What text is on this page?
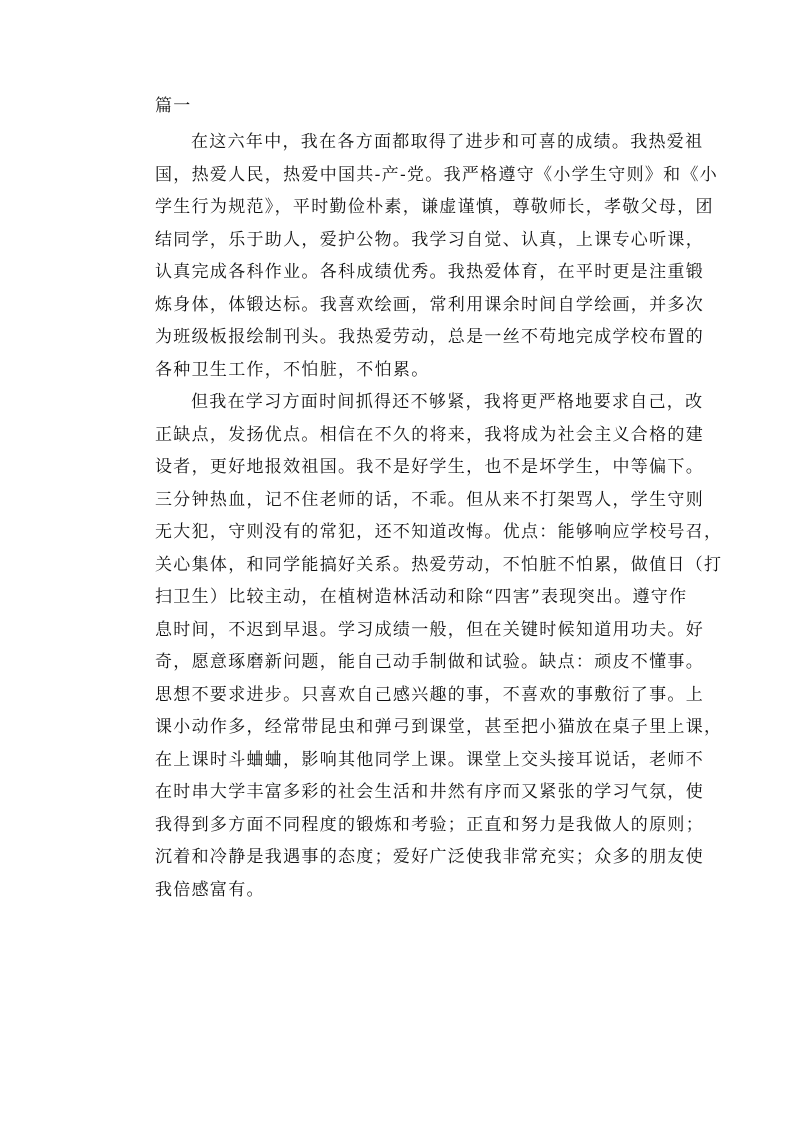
篇一

在这六年中，我在各方面都取得了进步和可喜的成绩。我热爱祖
国，热爱人民，热爱中国共-产-党。我严格遵守《小学生守则》和《小
学生行为规范》，平时勤俭朴素，谦虚谨慎，尊敬师长，孝敬父母，团
结同学，乐于助人，爱护公物。我学习自觉、认真，上课专心听课，
认真完成各科作业。各科成绩优秀。我热爱体育，在平时更是注重锻
炼身体，体锻达标。我喜欢绘画，常利用课余时间自学绘画，并多次
为班级板报绘制刊头。我热爱劳动，总是一丝不苟地完成学校布置的
各种卫生工作，不怕脏，不怕累。
但我在学习方面时间抓得还不够紧，我将更严格地要求自己，改
正缺点，发扬优点。相信在不久的将来，我将成为社会主义合格的建
设者，更好地报效祖国。我不是好学生，也不是坏学生，中等偏下。
三分钟热血，记不住老师的话，不乖。但从来不打架骂人，学生守则
无大犯，守则没有的常犯，还不知道改悔。优点：能够响应学校号召，
关心集体，和同学能搞好关系。热爱劳动，不怕脏不怕累，做值日（打
扫卫生）比较主动，在植树造林活动和除“四害”表现突出。遵守作
息时间，不迟到早退。学习成绩一般，但在关键时候知道用功夫。好
奇，愿意琢磨新问题，能自己动手制做和试验。缺点：顽皮不懂事。
思想不要求进步。只喜欢自己感兴趣的事，不喜欢的事敷衍了事。上
课小动作多，经常带昆虫和弹弓到课堂，甚至把小猫放在桌子里上课，
在上课时斗蛐蛐，影响其他同学上课。课堂上交头接耳说话，老师不
在时串大学丰富多彩的社会生活和井然有序而又紧张的学习气氛，使
我得到多方面不同程度的锻炼和考验；正直和努力是我做人的原则；
沉着和冷静是我遇事的态度；爱好广泛使我非常充实；众多的朋友使
我倍感富有。
